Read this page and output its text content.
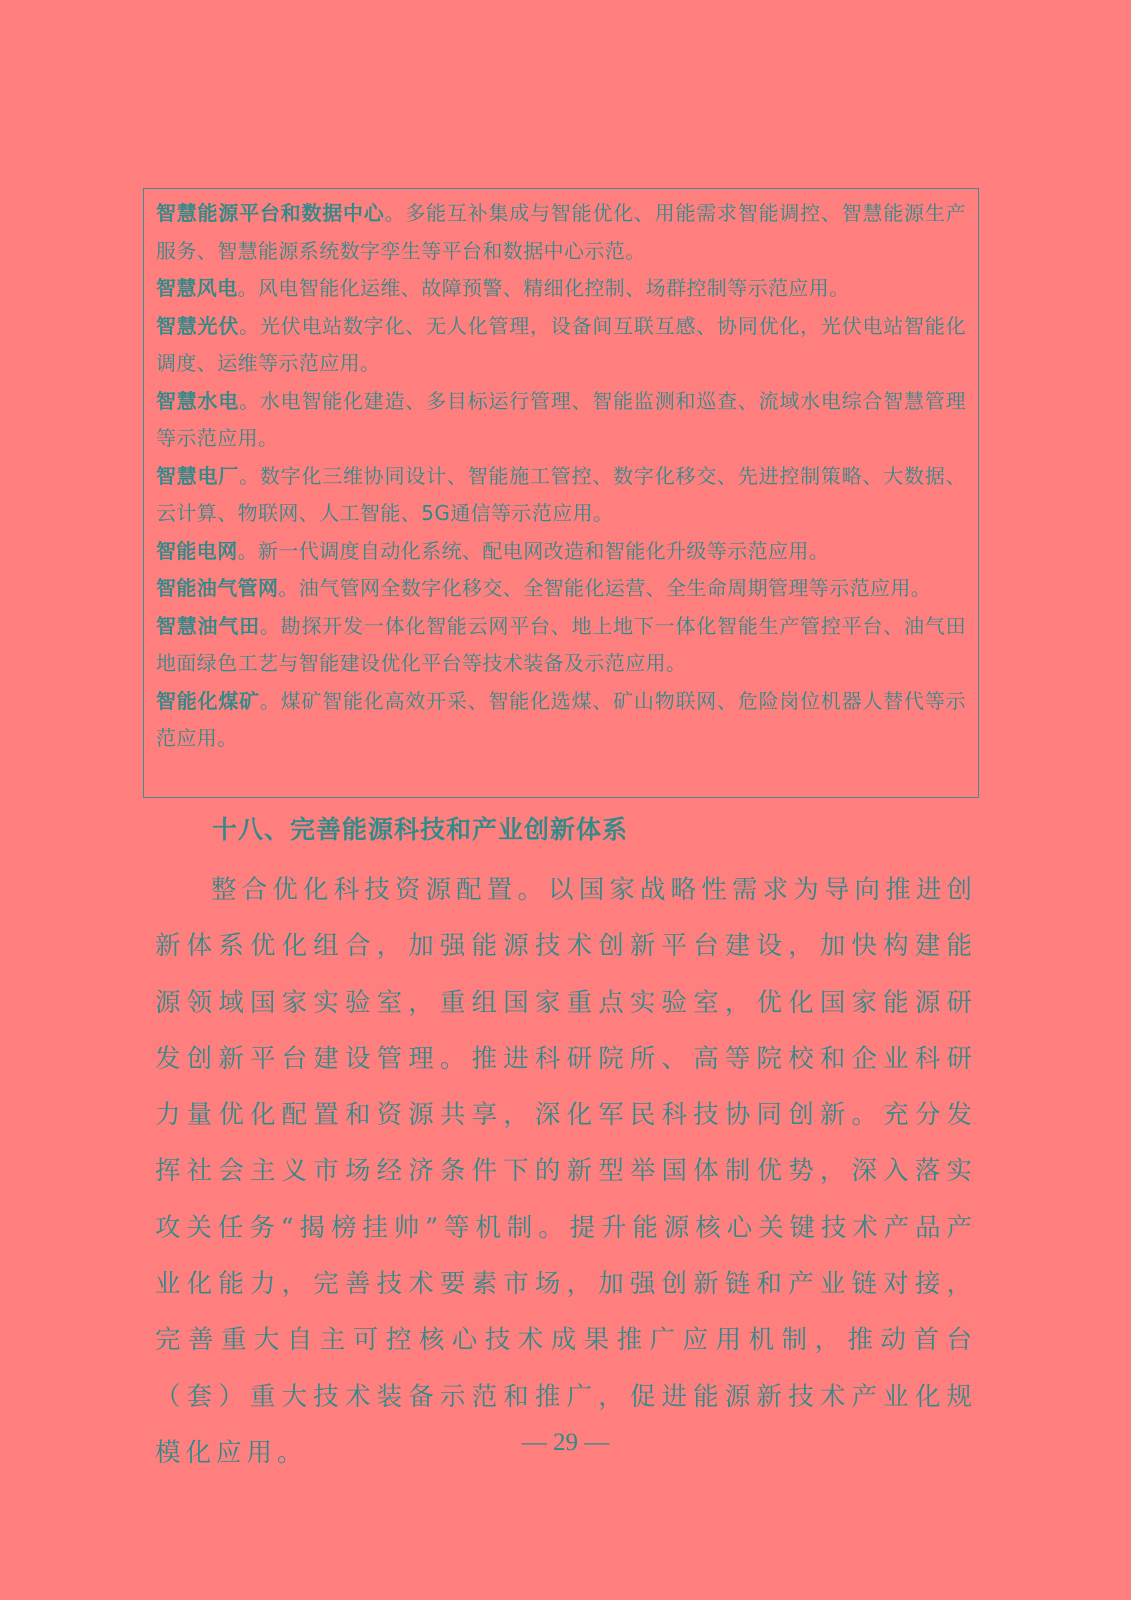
智慧能源平台和数据中心。多能互补集成与智能优化、用能需求智能调控、智慧能源生产服务、智慧能源系统数字孪生等平台和数据中心示范。

智慧风电。风电智能化运维、故障预警、精细化控制、场群控制等示范应用。

智慧光伏。光伏电站数字化、无人化管理，设备间互联互感、协同优化，光伏电站智能化调度、运维等示范应用。

智慧水电。水电智能化建造、多目标运行管理、智能监测和巡查、流域水电综合智慧管理等示范应用。

智慧电厂。数字化三维协同设计、智能施工管控、数字化移交、先进控制策略、大数据、云计算、物联网、人工智能、5G通信等示范应用。

智能电网。新一代调度自动化系统、配电网改造和智能化升级等示范应用。

智能油气管网。油气管网全数字化移交、全智能化运营、全生命周期管理等示范应用。

智慧油气田。勘探开发一体化智能云网平台、地上地下一体化智能生产管控平台、油气田地面绿色工艺与智能建设优化平台等技术装备及示范应用。

智能化煤矿。煤矿智能化高效开采、智能化选煤、矿山物联网、危险岗位机器人替代等示范应用。

十八、完善能源科技和产业创新体系

整合优化科技资源配置。以国家战略性需求为导向推进创新体系优化组合，加强能源技术创新平台建设，加快构建能源领域国家实验室，重组国家重点实验室，优化国家能源研发创新平台建设管理。推进科研院所、高等院校和企业科研力量优化配置和资源共享，深化军民科技协同创新。充分发挥社会主义市场经济条件下的新型举国体制优势，深入落实攻关任务“揭榜挂帅”等机制。提升能源核心关键技术产品产业化能力，完善技术要素市场，加强创新链和产业链对接，完善重大自主可控核心技术成果推广应用机制，推动首台（套）重大技术装备示范和推广，促进能源新技术产业化规模化应用。	— 29 —
